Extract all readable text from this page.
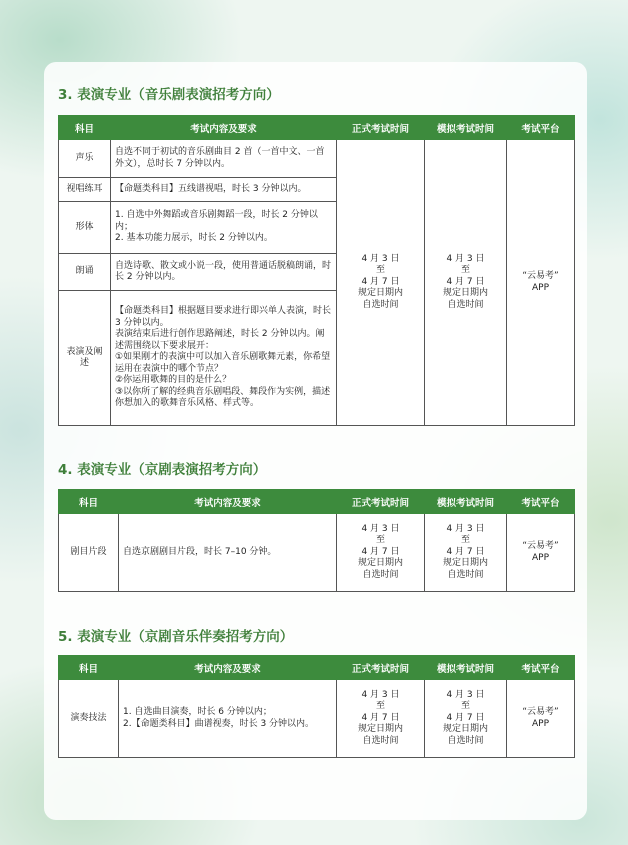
3. 表演专业（音乐剧表演招考方向）
科目	考试内容及要求	正式考试时间	模拟考试时间	考试平台
声乐	自选不同于初试的音乐剧曲目 2 首（一首中文、一首外文），总时长 7 分钟以内。	4 月 3 日
至
4 月 7 日
规定日期内
自选时间	4 月 3 日
至
4 月 7 日
规定日期内
自选时间	“云易考”
APP
视唱练耳	【命题类科目】五线谱视唱，时长 3 分钟以内。			
形体	1. 自选中外舞蹈或音乐剧舞蹈一段，时长 2 分钟以内；
2. 基本功能力展示，时长 2 分钟以内。			
朗诵	自选诗歌、散文或小说一段，使用普通话脱稿朗诵，时长 2 分钟以内。			
表演及阐述	【命题类科目】根据题目要求进行即兴单人表演，时长 3 分钟以内。
表演结束后进行创作思路阐述，时长 2 分钟以内。阐述需围绕以下要求展开：
①如果刚才的表演中可以加入音乐剧歌舞元素，你希望运用在表演中的哪个节点？
②你运用歌舞的目的是什么？
③以你所了解的经典音乐剧唱段、舞段作为实例，描述你想加入的歌舞音乐风格、样式等。			
4. 表演专业（京剧表演招考方向）
科目	考试内容及要求	正式考试时间	模拟考试时间	考试平台
剧目片段	自选京剧剧目片段，时长 7–10 分钟。	4 月 3 日
至
4 月 7 日
规定日期内
自选时间	4 月 3 日
至
4 月 7 日
规定日期内
自选时间	“云易考”
APP
5. 表演专业（京剧音乐伴奏招考方向）
科目	考试内容及要求	正式考试时间	模拟考试时间	考试平台
演奏技法	1. 自选曲目演奏，时长 6 分钟以内；
2.【命题类科目】曲谱视奏，时长 3 分钟以内。	4 月 3 日
至
4 月 7 日
规定日期内
自选时间	4 月 3 日
至
4 月 7 日
规定日期内
自选时间	“云易考”
APP
